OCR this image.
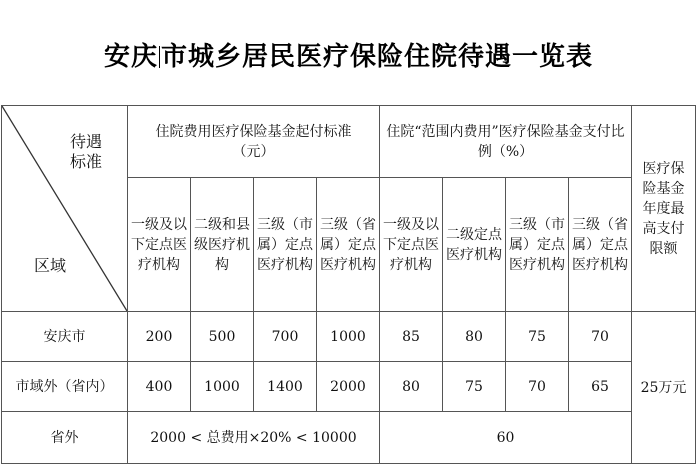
安庆 市城乡居民医疗保险住院待遇一览表
待遇标准
区域	住院费用医疗保险基金起付标准（元）				住院“范围内费用”医疗保险基金支付比例（%）				医疗保险基金年度最高支付限额
	一级及以下定点医疗机构	二级和县级医疗机构	三级（市属）定点医疗机构	三级（省属）定点医疗机构	一级及以下定点医疗机构	二级定点医疗机构	三级（市属）定点医疗机构	三级（省属）定点医疗机构	
安庆市	200	500	700	1000	85	80	75	70	25万元
市域外（省内）	400	1000	1400	2000	80	75	70	65	
省外	2000 < 总费用×20% < 10000				60				
